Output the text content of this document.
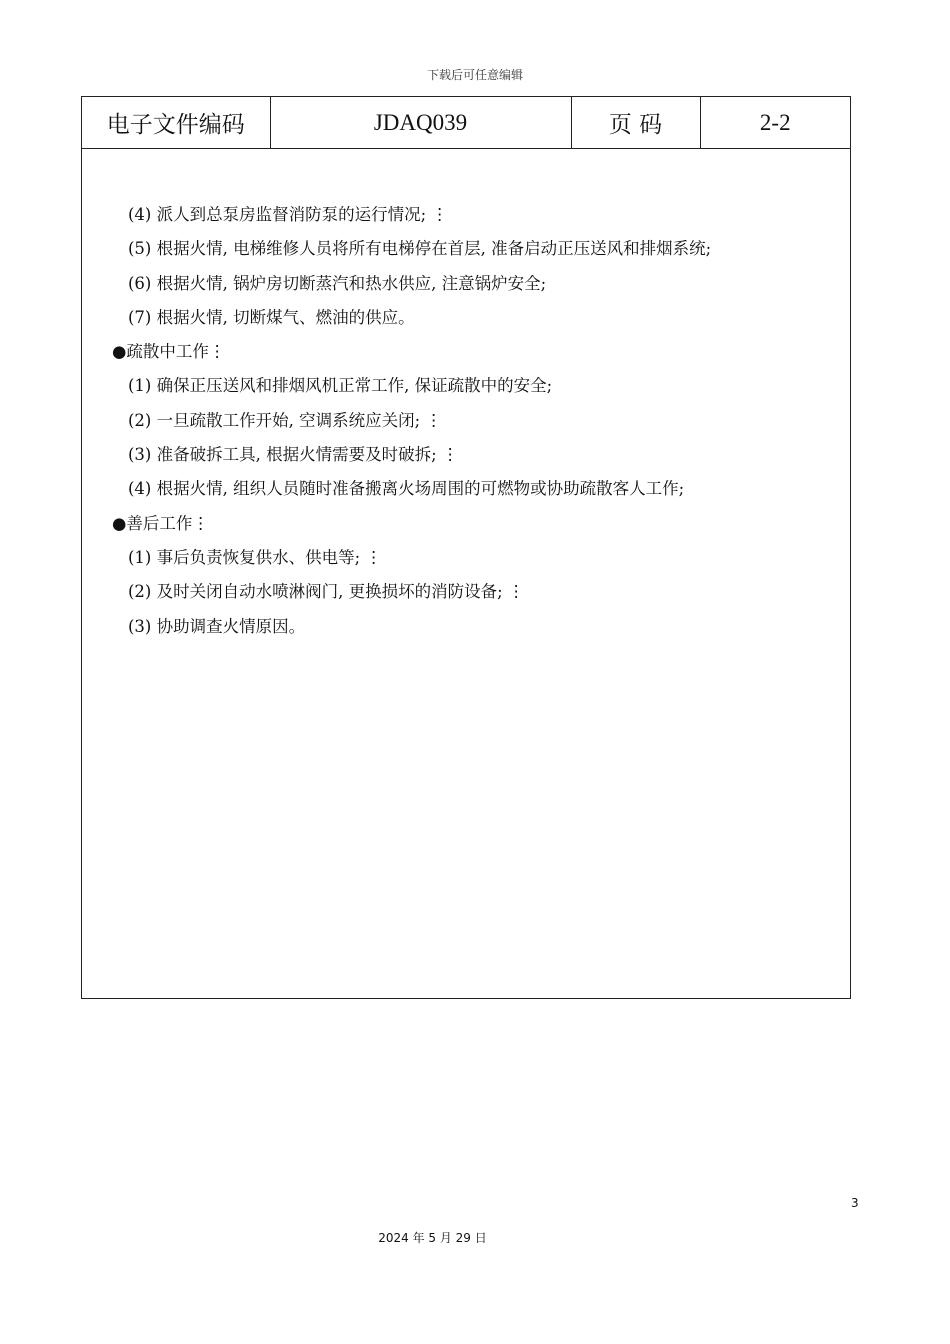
下载后可任意编辑
电子文件编码	JDAQ039	页 码	2-2
(4) 派人到总泵房监督消防泵的运行情况; ⋮
(5) 根据火情, 电梯维修人员将所有电梯停在首层, 准备启动正压送风和排烟系统;
(6) 根据火情, 锅炉房切断蒸汽和热水供应, 注意锅炉安全;
(7) 根据火情, 切断煤气、燃油的供应。
●疏散中工作⋮
(1) 确保正压送风和排烟风机正常工作, 保证疏散中的安全;
(2) 一旦疏散工作开始, 空调系统应关闭; ⋮
(3) 准备破拆工具, 根据火情需要及时破拆; ⋮
(4) 根据火情, 组织人员随时准备搬离火场周围的可燃物或协助疏散客人工作;
●善后工作⋮
(1) 事后负责恢复供水、供电等; ⋮
(2) 及时关闭自动水喷淋阀门, 更换损坏的消防设备; ⋮
(3) 协助调查火情原因。
3
2024 年 5 月 29 日
